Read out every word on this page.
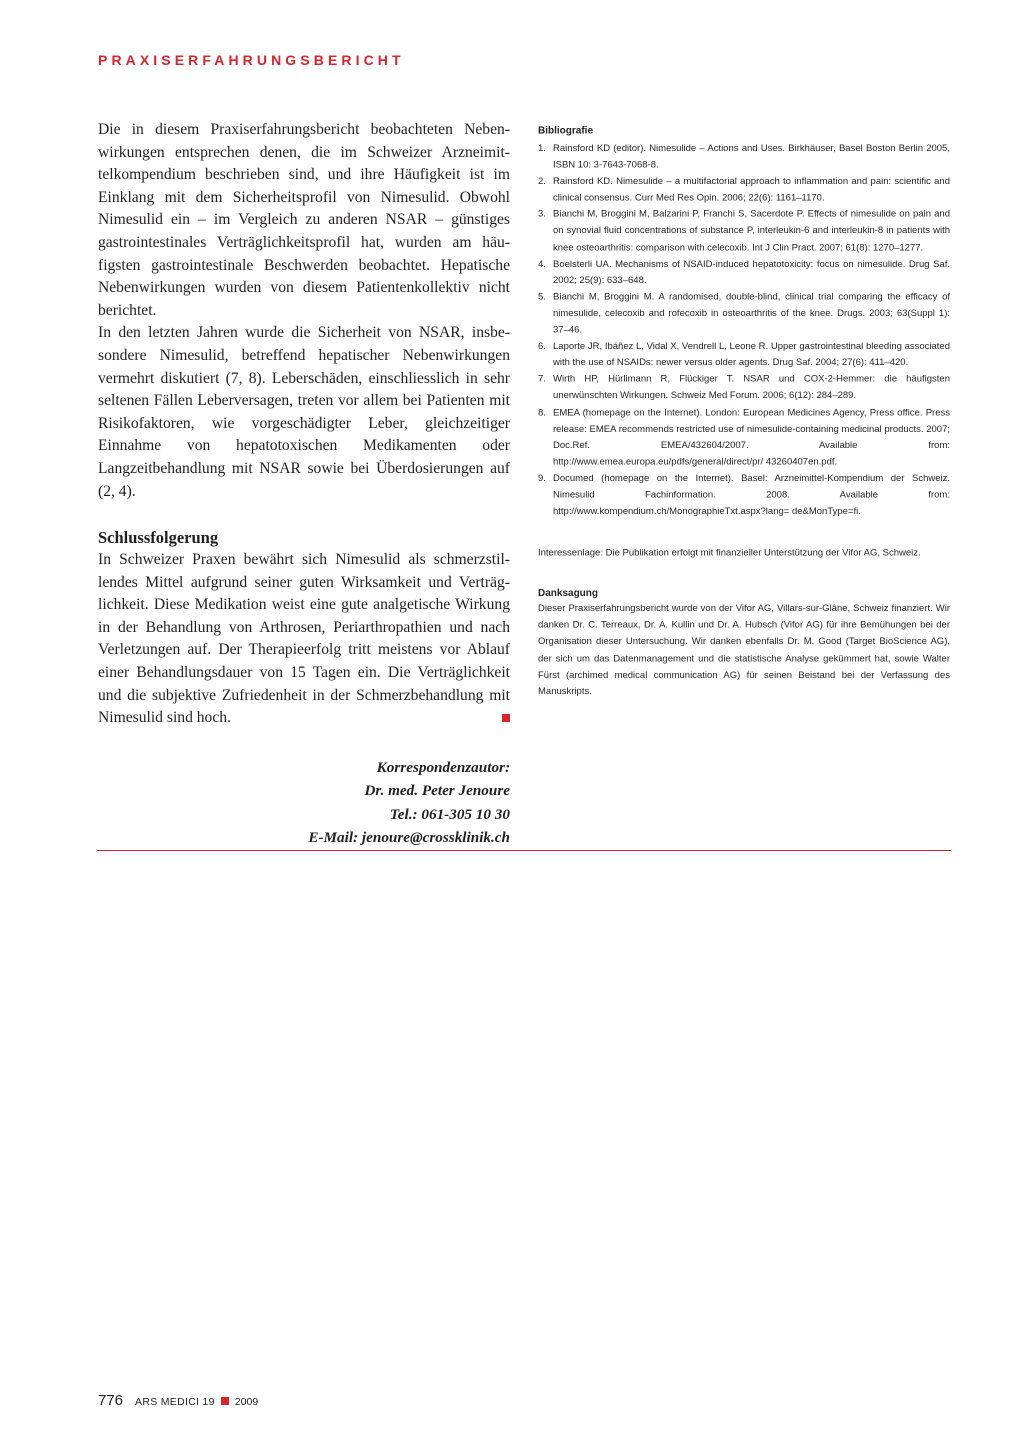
PRAXISERFAHRUNGSBERICHT

Die in diesem Praxiserfahrungsbericht beobachteten Nebenwirkungen entsprechen denen, die im Schweizer Arzneimittelkompendium beschrieben sind, und ihre Häufigkeit ist im Einklang mit dem Sicherheitsprofil von Nimesulid. Obwohl Nimesulid ein – im Vergleich zu anderen NSAR – günstiges gastrointestinales Verträglichkeitsprofil hat, wurden am häufigsten gastrointestinale Beschwerden beobachtet. Hepatische Nebenwirkungen wurden von diesem Patientenkollektiv nicht berichtet.

In den letzten Jahren wurde die Sicherheit von NSAR, insbesondere Nimesulid, betreffend hepatischer Nebenwirkungen vermehrt diskutiert (7, 8). Leberschäden, einschliesslich in sehr seltenen Fällen Leberversagen, treten vor allem bei Patienten mit Risikofaktoren, wie vorgeschädigter Leber, gleichzeitiger Einnahme von hepatotoxischen Medikamenten oder Langzeitbehandlung mit NSAR sowie bei Überdosierungen auf (2, 4).

Schlussfolgerung

In Schweizer Praxen bewährt sich Nimesulid als schmerzstillendes Mittel aufgrund seiner guten Wirksamkeit und Verträglichkeit. Diese Medikation weist eine gute analgetische Wirkung in der Behandlung von Arthrosen, Periarthropathien und nach Verletzungen auf. Der Therapieerfolg tritt meistens vor Ablauf einer Behandlungsdauer von 15 Tagen ein. Die Verträglichkeit und die subjektive Zufriedenheit in der Schmerzbehandlung mit Nimesulid sind hoch.

Korrespondenzautor:
Dr. med. Peter Jenoure
Tel.: 061-305 10 30
E-Mail: jenoure@crossklinik.ch
Bibliografie
1. Rainsford KD (editor). Nimesulide – Actions and Uses. Birkhäuser, Basel Boston Berlin 2005, ISBN 10: 3-7643-7068-8.
2. Rainsford KD. Nimesulide – a multifactorial approach to inflammation and pain: scientific and clinical consensus. Curr Med Res Opin. 2006; 22(6): 1161–1170.
3. Bianchi M, Broggini M, Balzarini P, Franchi S, Sacerdote P. Effects of nimesulide on pain and on synovial fluid concentrations of substance P, interleukin-6 and interleukin-8 in patients with knee osteoarthritis: comparison with celecoxib. Int J Clin Pract. 2007; 61(8): 1270–1277.
4. Boelsterli UA. Mechanisms of NSAID-induced hepatotoxicity: focus on nimesulide. Drug Saf. 2002; 25(9): 633–648.
5. Bianchi M, Broggini M. A randomised, double-blind, clinical trial comparing the efficacy of nimesulide, celecoxib and rofecoxib in osteoarthritis of the knee. Drugs. 2003; 63(Suppl 1): 37–46.
6. Laporte JR, Ibáñez L, Vidal X, Vendrell L, Leone R. Upper gastrointestinal bleeding associated with the use of NSAIDs: newer versus older agents. Drug Saf. 2004; 27(6): 411–420.
7. Wirth HP, Hürlimann R, Flückiger T. NSAR und COX-2-Hemmer: die häufigsten unerwünschten Wirkungen. Schweiz Med Forum. 2006; 6(12): 284–289.
8. EMEA (homepage on the Internet). London: European Medicines Agency, Press office. Press release: EMEA recommends restricted use of nimesulide-containing medicinal products. 2007; Doc.Ref. EMEA/432604/2007. Available from: http://www.emea.europa.eu/pdfs/general/direct/pr/ 43260407en.pdf.
9. Documed (homepage on the Internet). Basel: Arzneimittel-Kompendium der Schweiz. Nimesulid Fachinformation. 2008. Available from: http://www.kompendium.ch/MonographieTxt.aspx?lang= de&MonType=fi.
Interessenlage: Die Publikation erfolgt mit finanzieller Unterstützung der Vifor AG, Schweiz.
Danksagung

Dieser Praxiserfahrungsbericht wurde von der Vifor AG, Villars-sur-Glâne, Schweiz finanziert. Wir danken Dr. C. Terreaux, Dr. A. Kullin und Dr. A. Hubsch (Vifor AG) für ihre Bemühungen bei der Organisation dieser Untersuchung. Wir danken ebenfalls Dr. M. Good (Target BioScience AG), der sich um das Datenmanagement und die statistische Analyse gekümmert hat, sowie Walter Fürst (archimed medical communication AG) für seinen Beistand bei der Verfassung des Manuskripts.

776 ARS MEDICI 19 2009
